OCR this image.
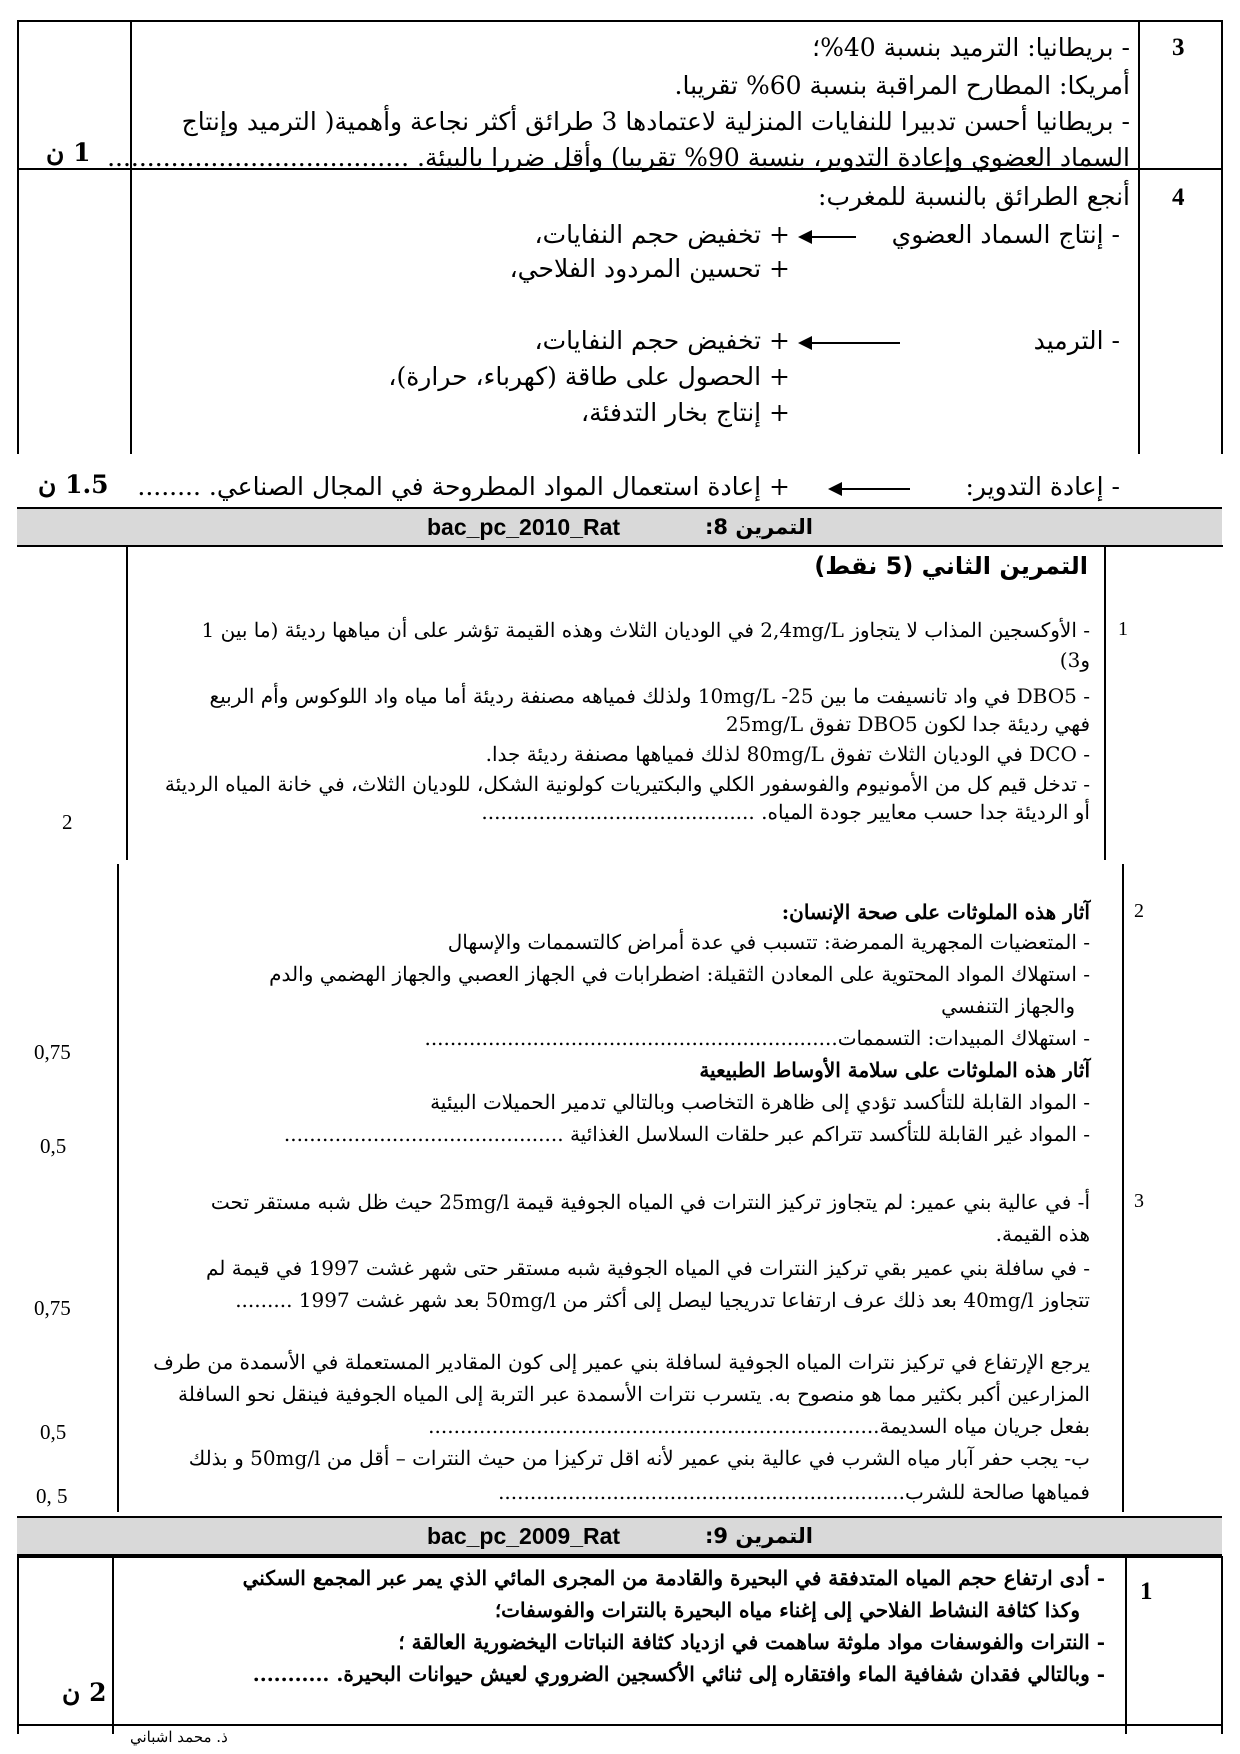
3
1 ن
- بريطانيا: الترميد بنسبة 40%؛
أمريكا: المطارح المراقبة بنسبة 60% تقريبا.
- بريطانيا أحسن تدبيرا للنفايات المنزلية لاعتمادها 3 طرائق أكثر نجاعة وأهمية( الترميد وإنتاج
السماد العضوي وإعادة التدوير، بنسبة 90% تقريبا) وأقل ضررا بالبيئة. ......................................
4
1.5 ن
أنجع الطرائق بالنسبة للمغرب:
- إنتاج السماد العضوي
+ تخفيض حجم النفايات،
+ تحسين المردود الفلاحي،
- الترميد
+ تخفيض حجم النفايات،
+ الحصول على طاقة (كهرباء، حرارة)،
+ إنتاج بخار التدفئة،
- إعادة التدوير:
+ إعادة استعمال المواد المطروحة في المجال الصناعي. ........
bac_pc_2010_Rat	التمرين 8:
التمرين الثاني (5 نقط)
1
2
- الأوكسجين المذاب لا يتجاوز 2,4mg/L في الوديان الثلاث وهذه القيمة تؤشر على أن مياهها رديئة (ما بين 1
و3)
- DBO5 في واد تانسيفت ما بين 10mg/L -25 ولذلك فمياهه مصنفة رديئة أما مياه واد اللوكوس وأم الربيع
فهي رديئة جدا لكون DBO5 تفوق 25mg/L
- DCO في الوديان الثلاث تفوق 80mg/L لذلك فمياهها مصنفة رديئة جدا.
- تدخل قيم كل من الأمونيوم والفوسفور الكلي والبكتيريات كولونية الشكل، للوديان الثلاث، في خانة المياه الرديئة
أو الرديئة جدا حسب معايير جودة المياه. ...........................................
2
آثار هذه الملوثات على صحة الإنسان:
- المتعضيات المجهرية الممرضة: تتسبب في عدة أمراض كالتسممات والإسهال
- استهلاك المواد المحتوية على المعادن الثقيلة: اضطرابات في الجهاز العصبي والجهاز الهضمي والدم
والجهاز التنفسي
- استهلاك المبيدات: التسممات.................................................................
0,75
آثار هذه الملوثات على سلامة الأوساط الطبيعية
- المواد القابلة للتأكسد تؤدي إلى ظاهرة التخاصب وبالتالي تدمير الحميلات البيئية
- المواد غير القابلة للتأكسد تتراكم عبر حلقات السلاسل الغذائية ............................................
0,5
3
أ- في عالية بني عمير: لم يتجاوز تركيز النترات في المياه الجوفية قيمة 25mg/l حيث ظل شبه مستقر تحت
هذه القيمة.
- في سافلة بني عمير بقي تركيز النترات في المياه الجوفية شبه مستقر حتى شهر غشت 1997 في قيمة لم
تتجاوز 40mg/l بعد ذلك عرف ارتفاعا تدريجيا ليصل إلى أكثر من 50mg/l بعد شهر غشت 1997 .........
0,75
يرجع الإرتفاع في تركيز نترات المياه الجوفية لسافلة بني عمير إلى كون المقادير المستعملة في الأسمدة من طرف
المزارعين أكبر بكثير مما هو منصوح به. يتسرب نترات الأسمدة عبر التربة إلى المياه الجوفية فينقل نحو السافلة
بفعل جريان مياه السديمة.......................................................................
0,5
ب- يجب حفر آبار مياه الشرب في عالية بني عمير لأنه اقل تركيزا من حيث النترات – أقل من 50mg/l و بذلك
فمياهها صالحة للشرب................................................................
0, 5
bac_pc_2009_Rat	التمرين 9:
1
2 ن
- أدى ارتفاع حجم المياه المتدفقة في البحيرة والقادمة من المجرى المائي الذي يمر عبر المجمع السكني
وكذا كثافة النشاط الفلاحي إلى إغناء مياه البحيرة بالنترات والفوسفات؛
- النترات والفوسفات مواد ملوثة ساهمت في ازدياد كثافة النباتات اليخضورية العالقة ؛
- وبالتالي فقدان شفافية الماء وافتقاره إلى ثنائي الأكسجين الضروري لعيش حيوانات البحيرة. ...........
ذ. محمد اشباني
